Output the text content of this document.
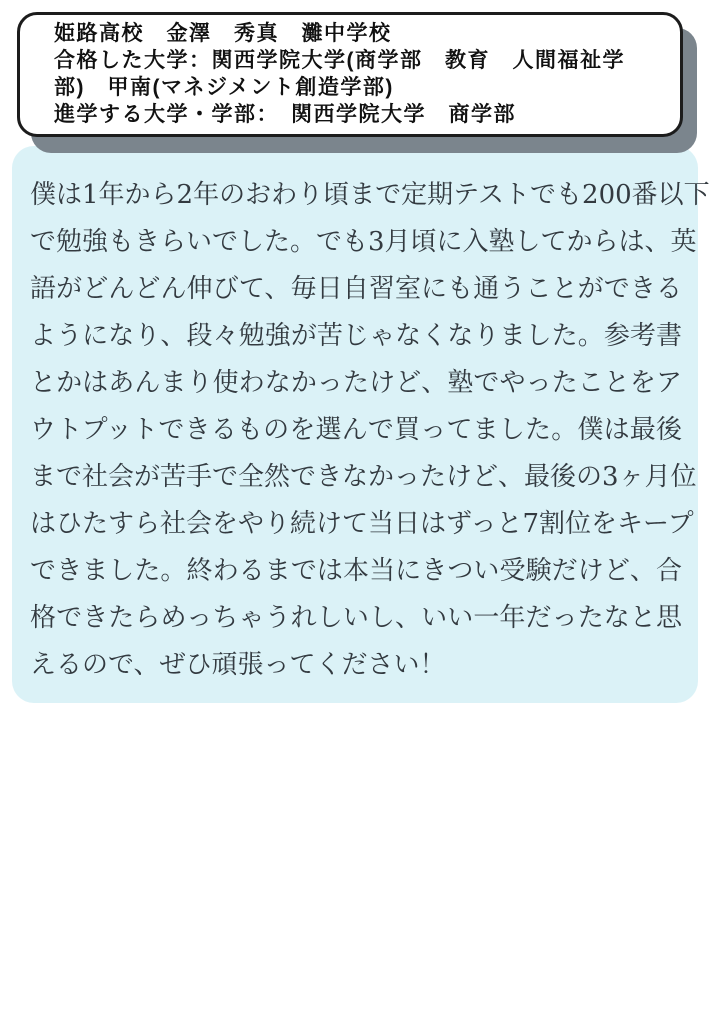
姫路高校　金澤　秀真　灘中学校
合格した大学：関西学院大学(商学部　教育　人間福祉学
部)　甲南(マネジメント創造学部)
進学する大学・学部：　関西学院大学　商学部
僕は1年から2年のおわり頃まで定期テストでも200番以下
で勉強もきらいでした。でも3月頃に入塾してからは、英
語がどんどん伸びて、毎日自習室にも通うことができる
ようになり、段々勉強が苦じゃなくなりました。参考書
とかはあんまり使わなかったけど、塾でやったことをア
ウトプットできるものを選んで買ってました。僕は最後
まで社会が苦手で全然できなかったけど、最後の3ヶ月位
はひたすら社会をやり続けて当日はずっと7割位をキープ
できました。終わるまでは本当にきつい受験だけど、合
格できたらめっちゃうれしいし、いい一年だったなと思
えるので、ぜひ頑張ってください！
